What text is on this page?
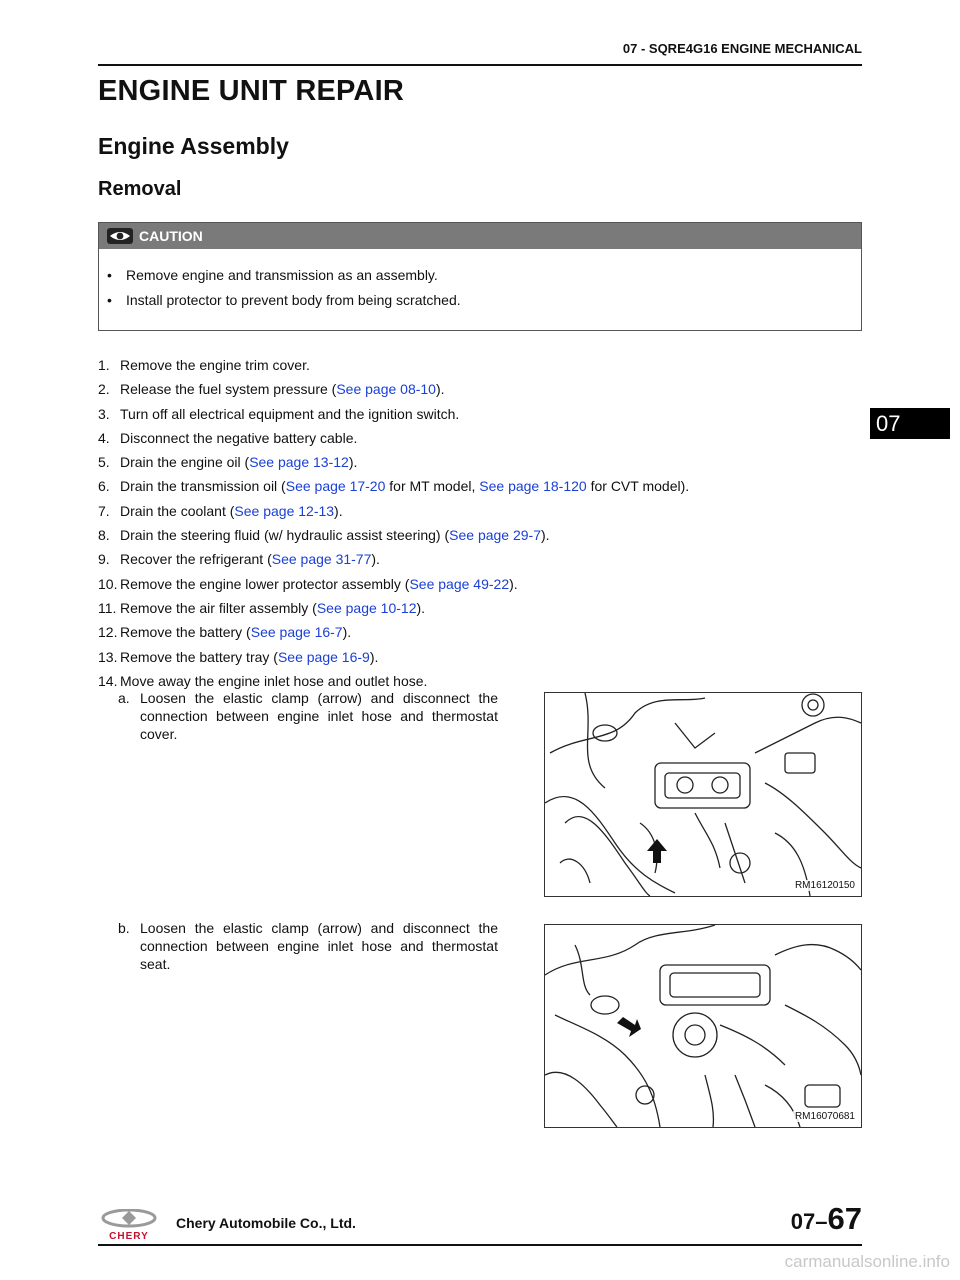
07 - SQRE4G16 ENGINE MECHANICAL
ENGINE UNIT REPAIR
Engine Assembly
Removal
CAUTION
•	Remove engine and transmission as an assembly.
•	Install protector to prevent body from being scratched.
1. Remove the engine trim cover.
2. Release the fuel system pressure (See page 08-10).
3. Turn off all electrical equipment and the ignition switch.
4. Disconnect the negative battery cable.
5. Drain the engine oil (See page 13-12).
6. Drain the transmission oil (See page 17-20 for MT model, See page 18-120 for CVT model).
7. Drain the coolant (See page 12-13).
8. Drain the steering fluid (w/ hydraulic assist steering) (See page 29-7).
9. Recover the refrigerant (See page 31-77).
10. Remove the engine lower protector assembly (See page 49-22).
11. Remove the air filter assembly (See page 10-12).
12. Remove the battery (See page 16-7).
13. Remove the battery tray (See page 16-9).
14. Move away the engine inlet hose and outlet hose.
a. Loosen the elastic clamp (arrow) and disconnect the connection between engine inlet hose and thermostat cover.
b. Loosen the elastic clamp (arrow) and disconnect the connection between engine inlet hose and thermostat seat.
RM16120150
RM16070681
07
CHERY
Chery Automobile Co., Ltd.	07–67
carmanualsonline.info
